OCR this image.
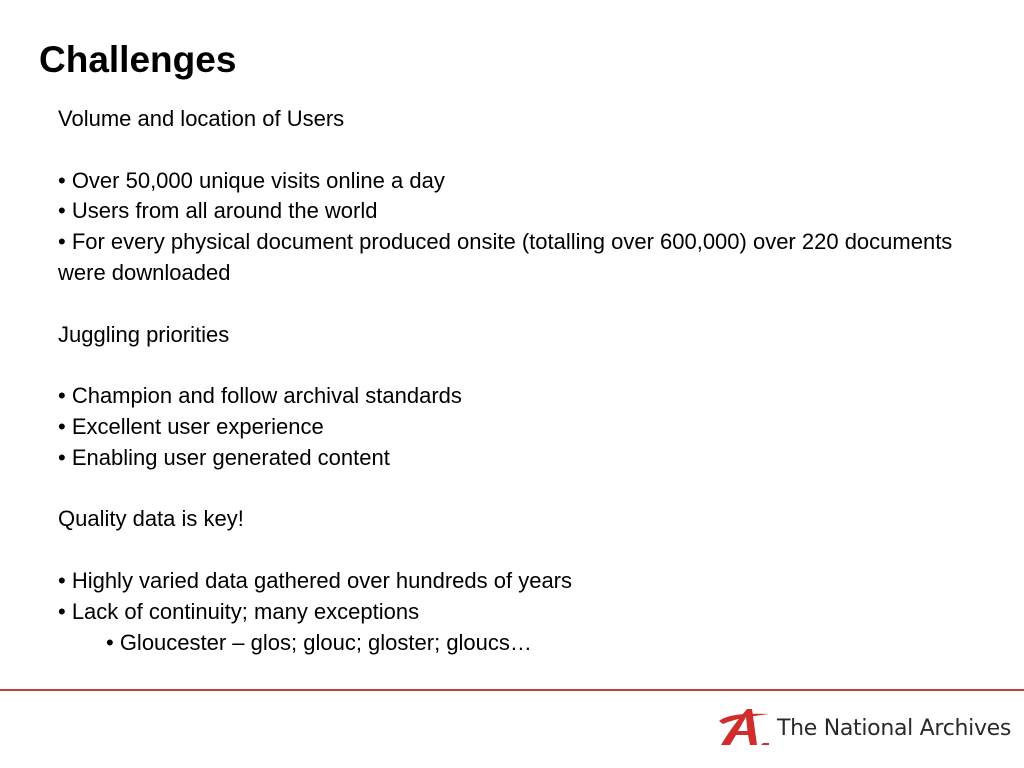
Challenges
Volume and location of Users
• Over 50,000 unique visits online a day
• Users from all around the world
• For every physical document produced onsite (totalling over 600,000) over 220 documents were downloaded
Juggling priorities
• Champion and follow archival standards
• Excellent user experience
• Enabling user generated content
Quality data is key!
• Highly varied data gathered over hundreds of years
• Lack of continuity; many exceptions
• Gloucester – glos; glouc; gloster; gloucs…
The National Archives
